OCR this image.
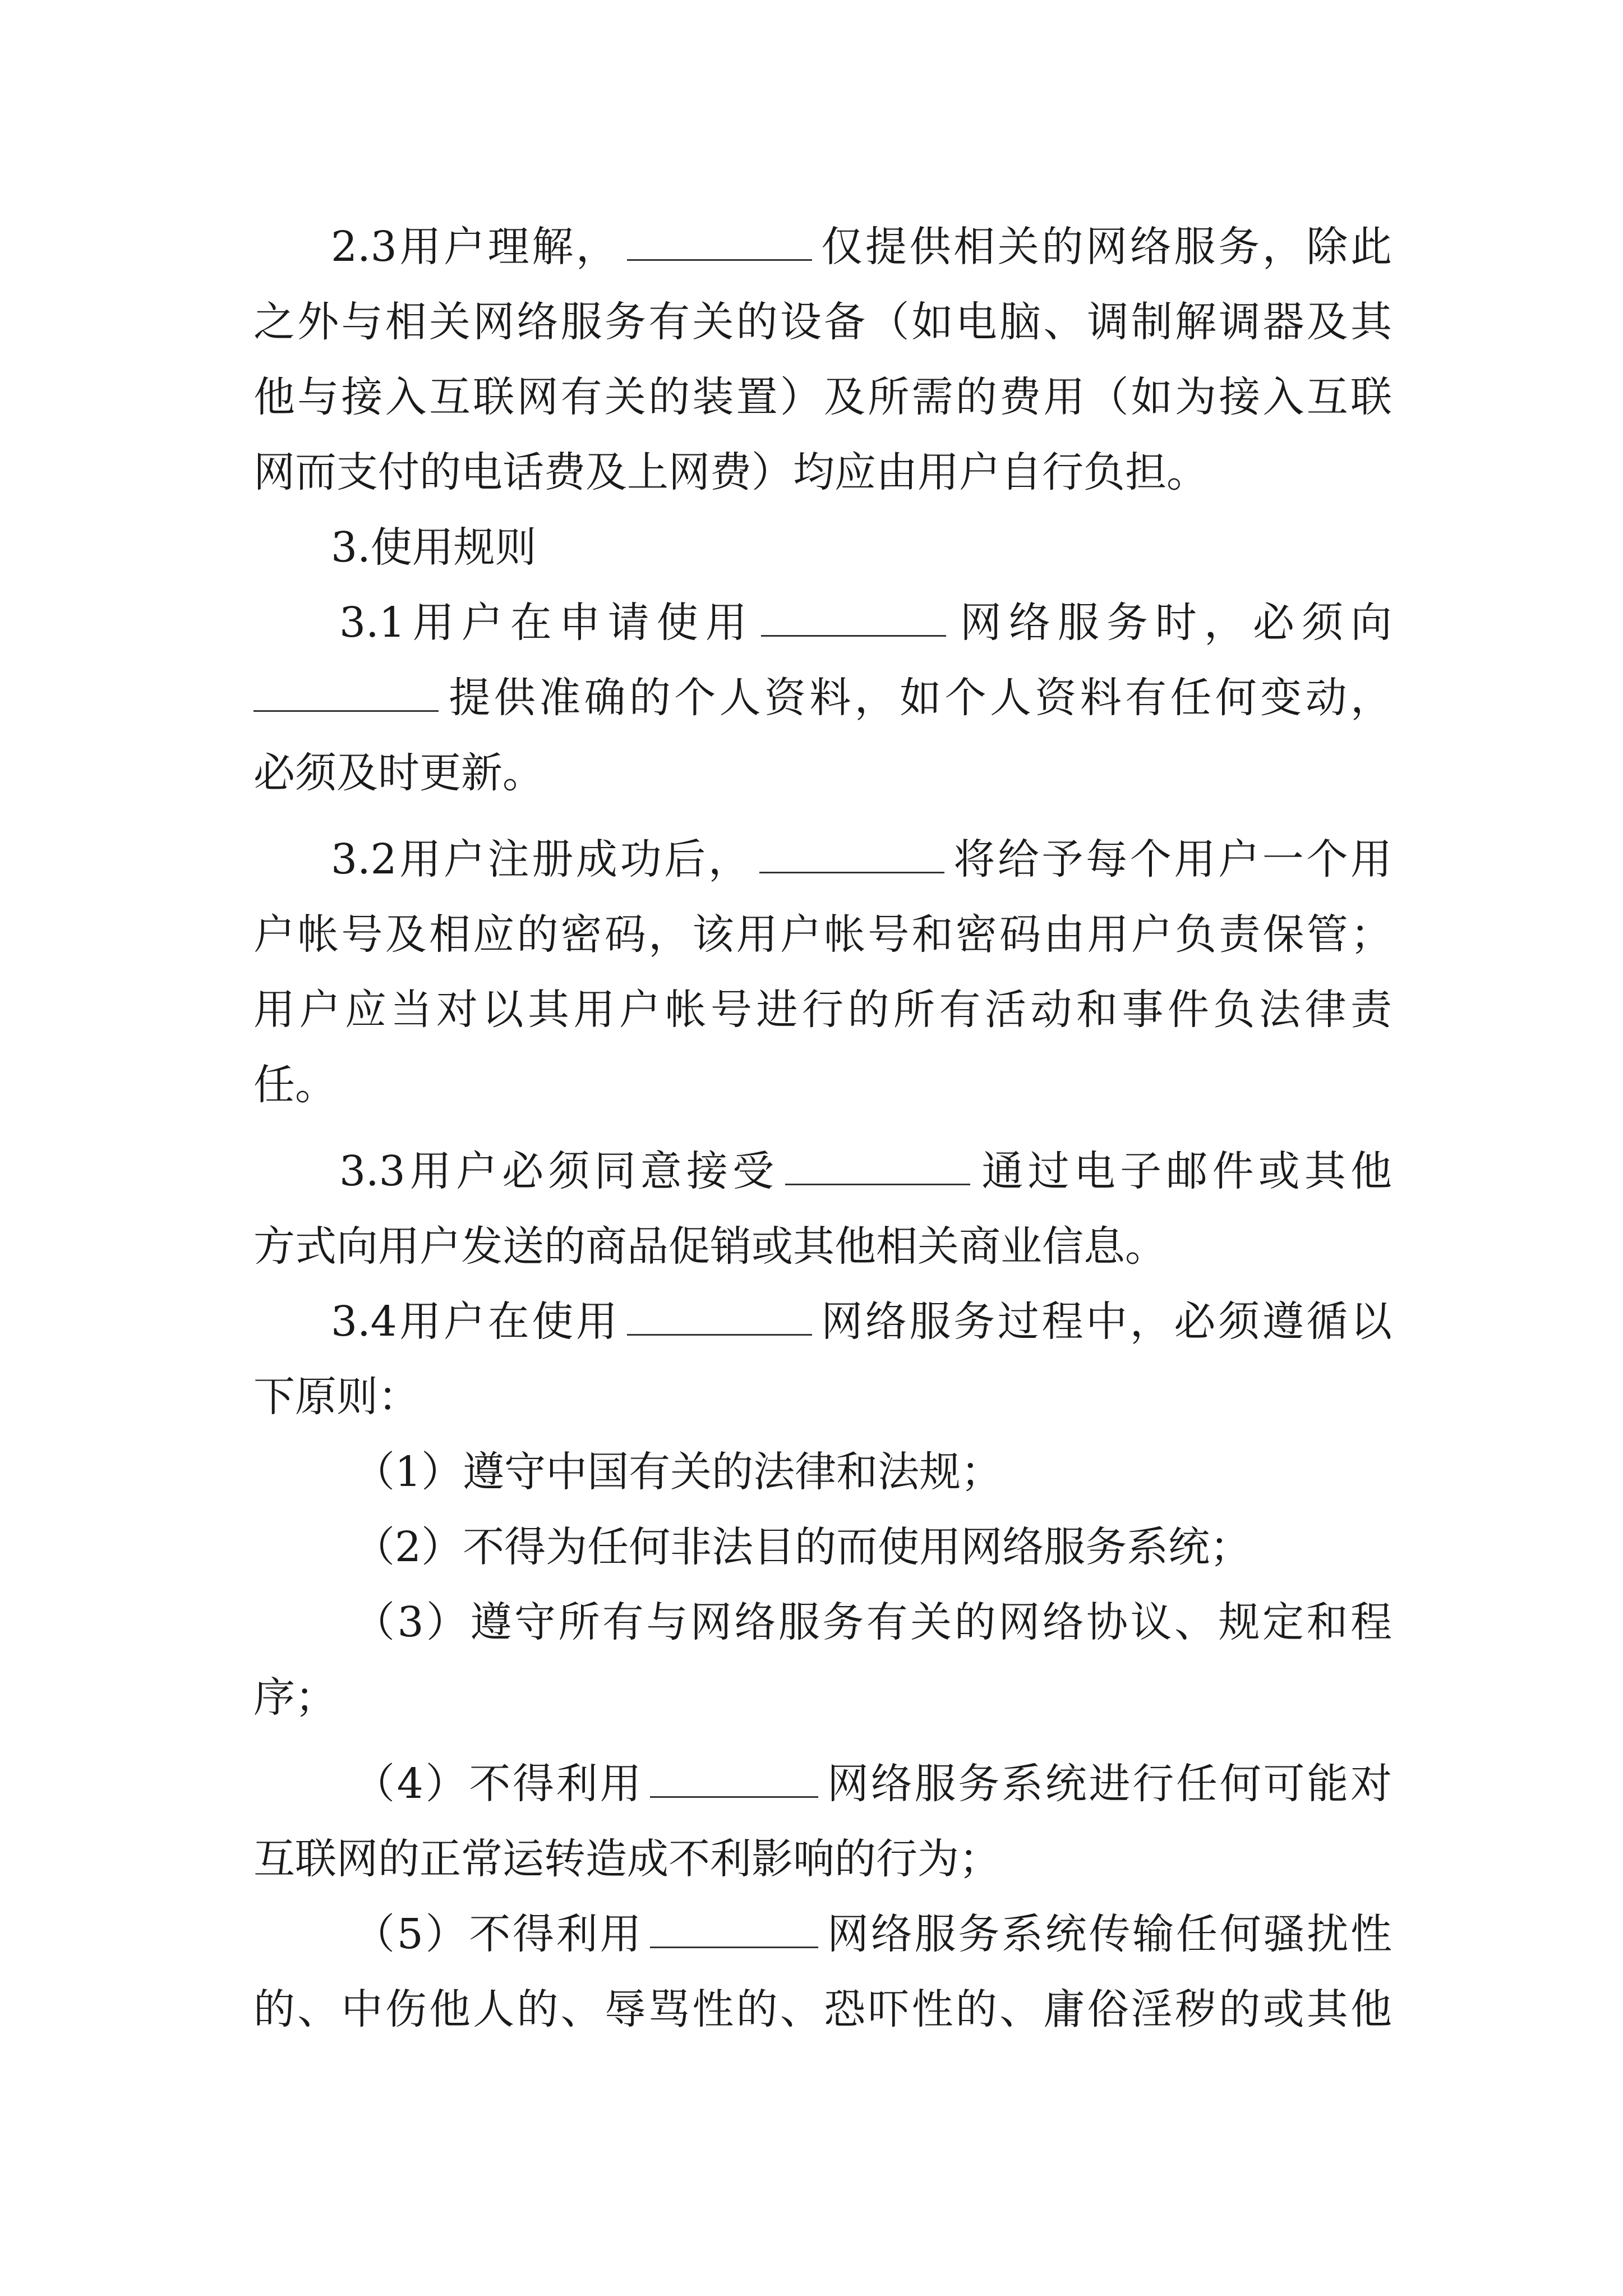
2.3用户理解，	仅提供相关的网络服务，除此
之外与相关网络服务有关的设备（如电脑、调制解调器及其
他与接入互联网有关的装置）及所需的费用（如为接入互联
网而支付的电话费及上网费）均应由用户自行负担。
3.使用规则
3.1用户在申请使用	网络服务时，必须向
提供准确的个人资料，如个人资料有任何变动，
必须及时更新。
3.2用户注册成功后，	将给予每个用户一个用
户帐号及相应的密码，该用户帐号和密码由用户负责保管；
用户应当对以其用户帐号进行的所有活动和事件负法律责
任。
3.3用户必须同意接受	通过电子邮件或其他
方式向用户发送的商品促销或其他相关商业信息。
3.4用户在使用	网络服务过程中，必须遵循以
下原则：
（1）遵守中国有关的法律和法规；
（2）不得为任何非法目的而使用网络服务系统；
（3）遵守所有与网络服务有关的网络协议、规定和程
序；
（4）不得利用	网络服务系统进行任何可能对
互联网的正常运转造成不利影响的行为；
（5）不得利用	网络服务系统传输任何骚扰性
的、中伤他人的、辱骂性的、恐吓性的、庸俗淫秽的或其他
